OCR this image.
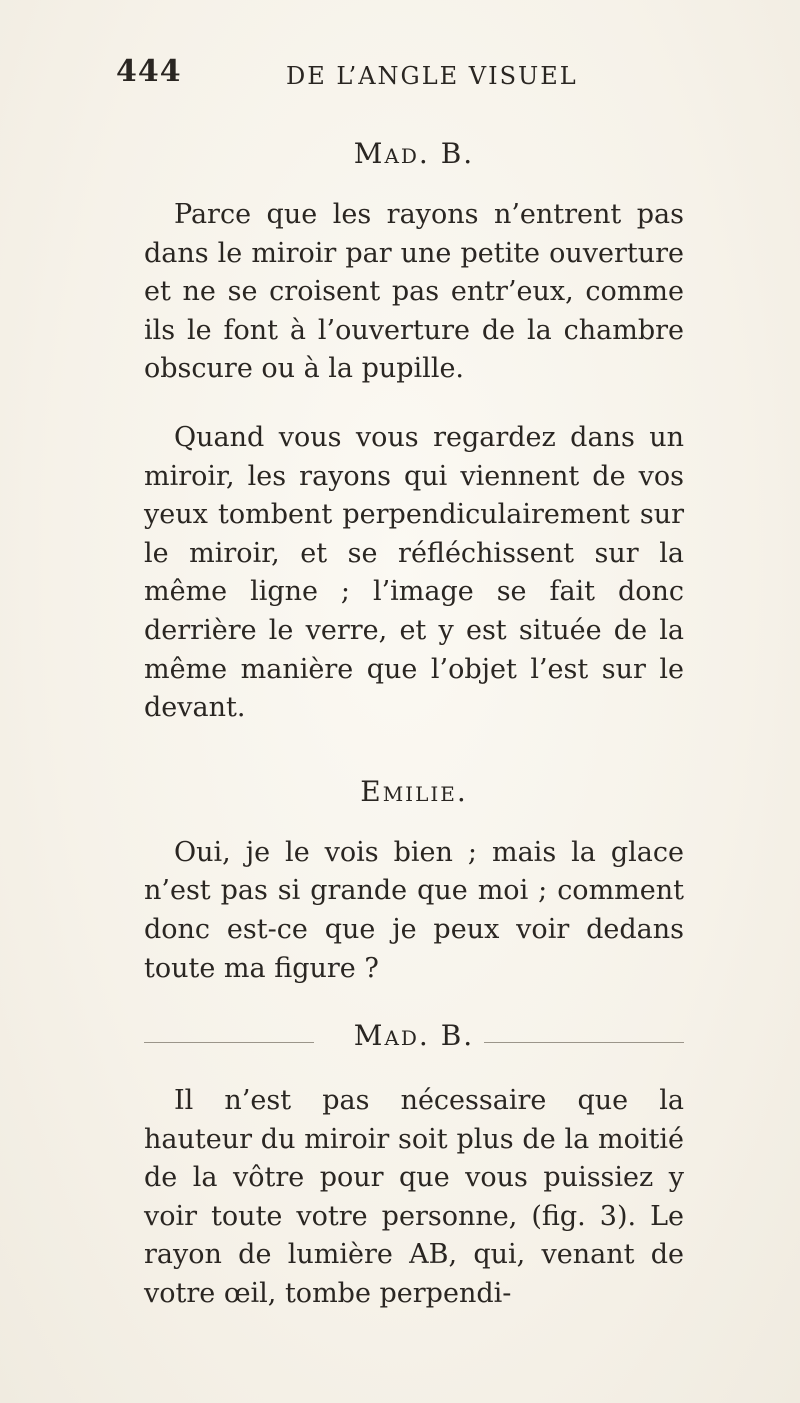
444	DE L’ANGLE VISUEL

Mad. B.

Parce que les rayons n’entrent pas dans le miroir par une petite ouverture et ne se croisent pas entr’eux, comme ils le font à l’ouverture de la chambre obscure ou à la pupille.

Quand vous vous regardez dans un miroir, les rayons qui viennent de vos yeux tombent perpendiculairement sur le miroir, et se réfléchissent sur la même ligne ; l’image se fait donc derrière le verre, et y est située de la même manière que l’objet l’est sur le devant.

Emilie.

Oui, je le vois bien ; mais la glace n’est pas si grande que moi ; comment donc est-ce que je peux voir dedans toute ma figure ?

Mad. B.

Il n’est pas nécessaire que la hauteur du miroir soit plus de la moitié de la vôtre pour que vous puissiez y voir toute votre personne, (fig. 3). Le rayon de lumière AB, qui, venant de votre œil, tombe perpendi-
